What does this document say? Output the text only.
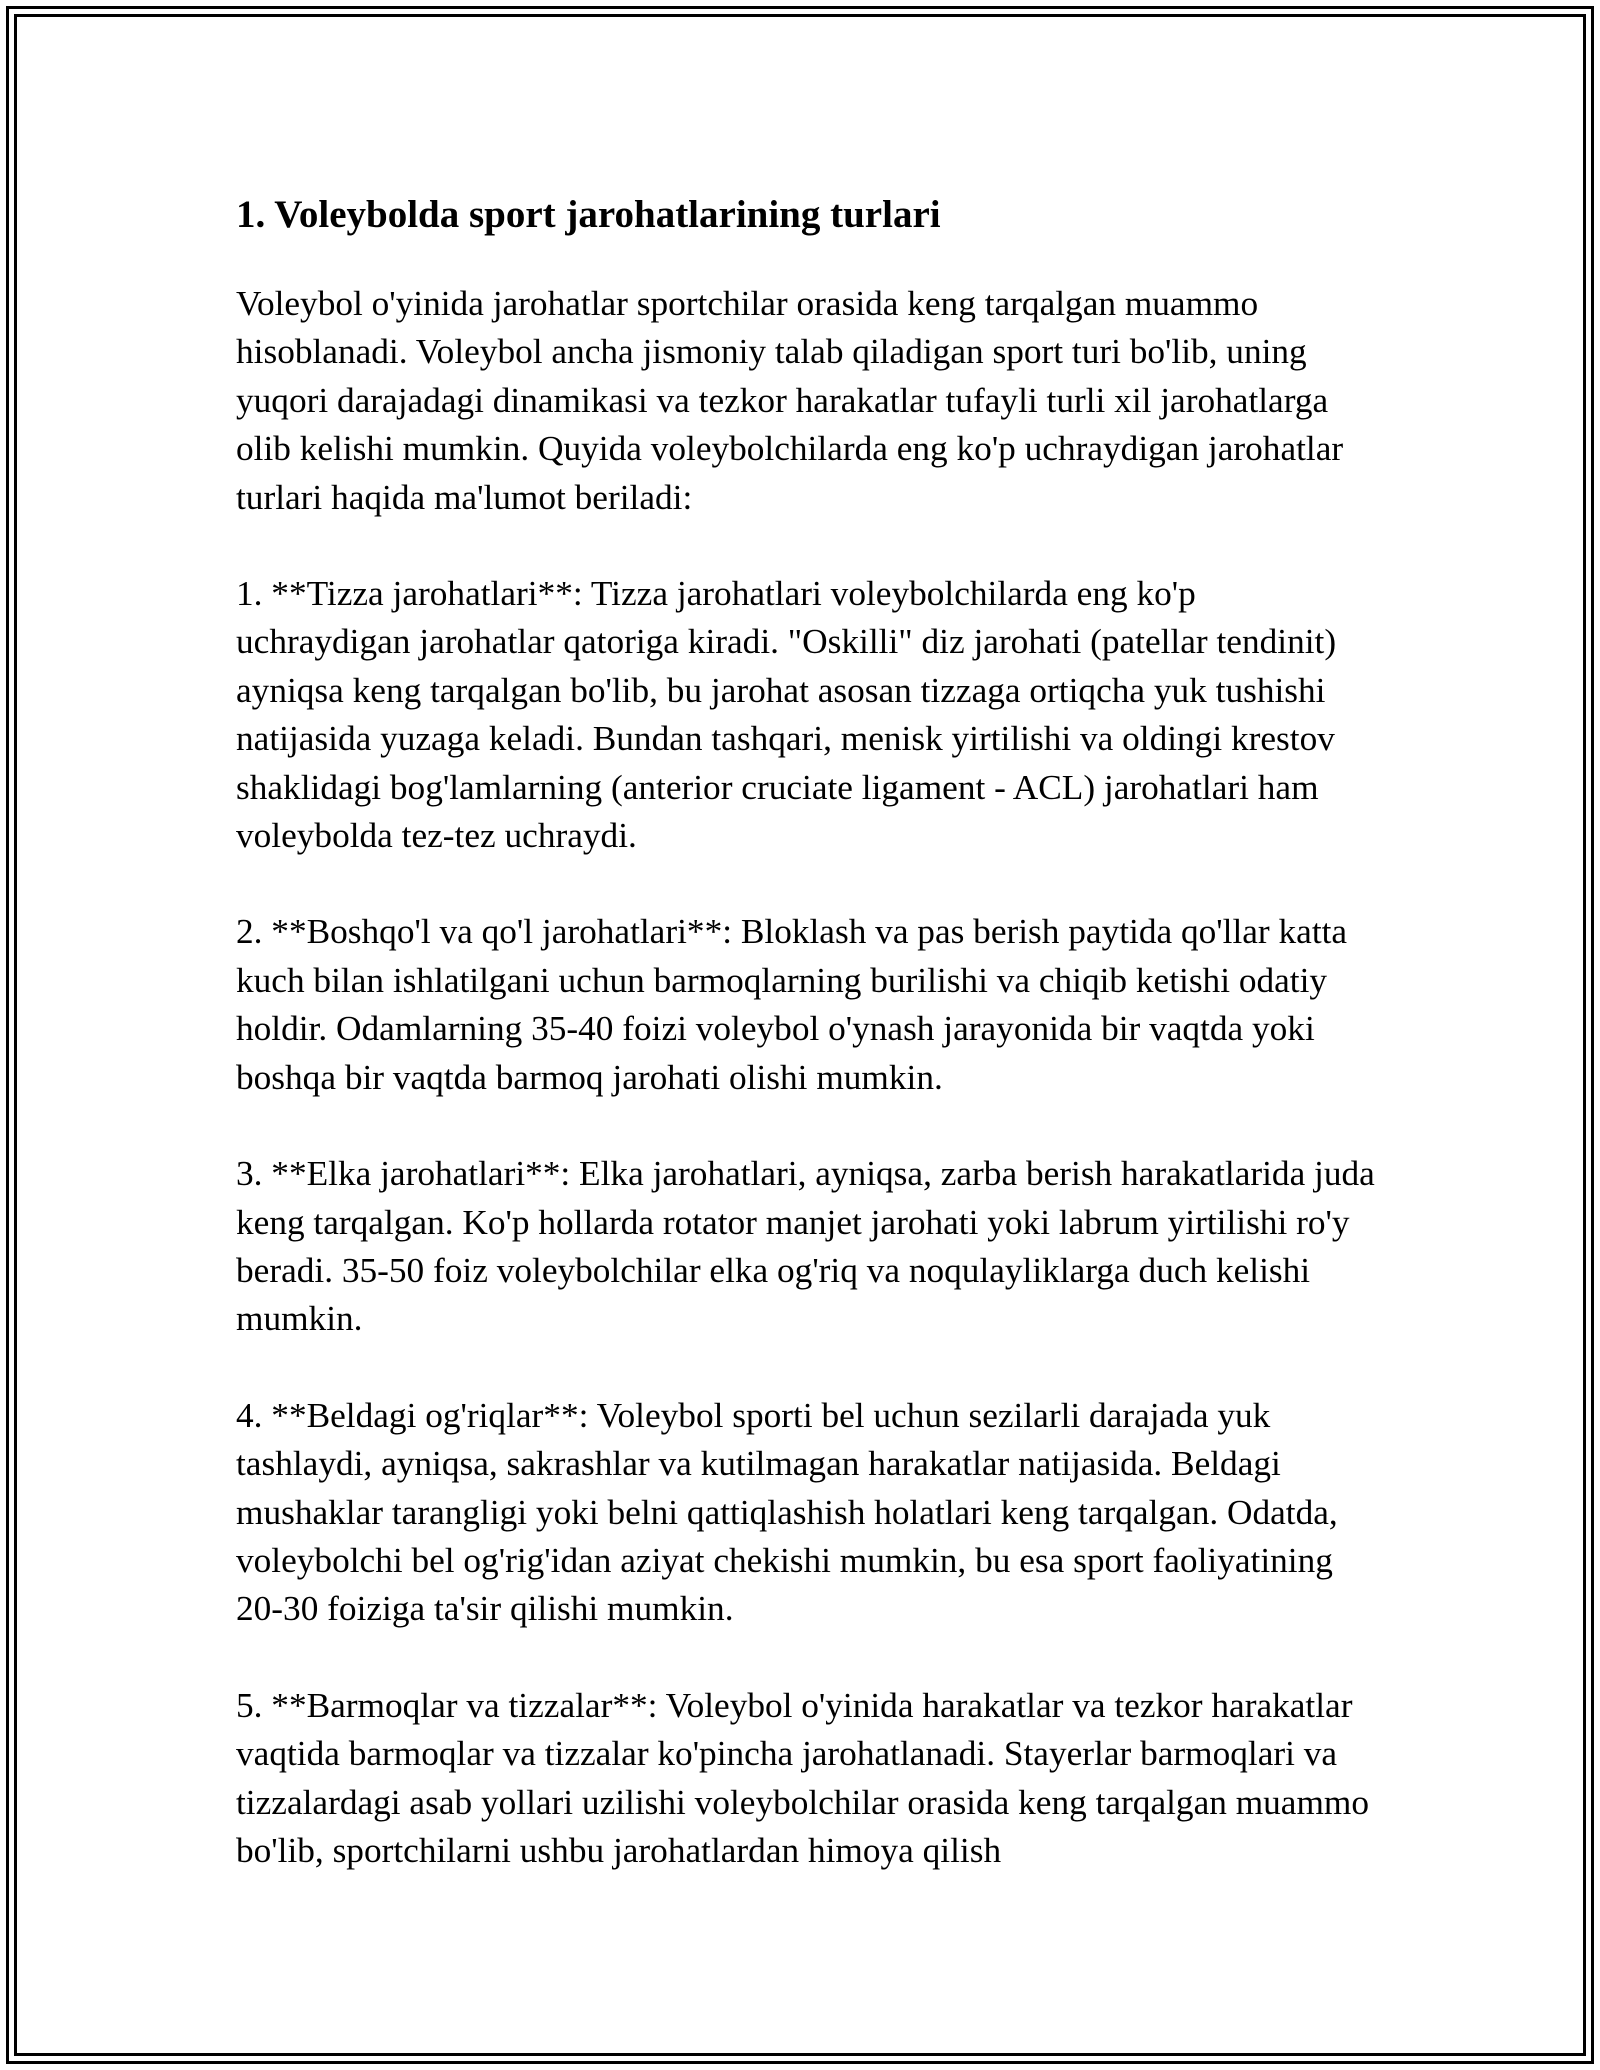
1. Voleybolda sport jarohatlarining turlari

Voleybol o'yinida jarohatlar sportchilar orasida keng tarqalgan muammo hisoblanadi. Voleybol ancha jismoniy talab qiladigan sport turi bo'lib, uning yuqori darajadagi dinamikasi va tezkor harakatlar tufayli turli xil jarohatlarga olib kelishi mumkin. Quyida voleybolchilarda eng ko'p uchraydigan jarohatlar turlari haqida ma'lumot beriladi:

1. **Tizza jarohatlari**: Tizza jarohatlari voleybolchilarda eng ko'p uchraydigan jarohatlar qatoriga kiradi. "Oskilli" diz jarohati (patellar tendinit) ayniqsa keng tarqalgan bo'lib, bu jarohat asosan tizzaga ortiqcha yuk tushishi natijasida yuzaga keladi. Bundan tashqari, menisk yirtilishi va oldingi krestov shaklidagi bog'lamlarning (anterior cruciate ligament - ACL) jarohatlari ham voleybolda tez-tez uchraydi.

2. **Boshqo'l va qo'l jarohatlari**: Bloklash va pas berish paytida qo'llar katta kuch bilan ishlatilgani uchun barmoqlarning burilishi va chiqib ketishi odatiy holdir. Odamlarning 35-40 foizi voleybol o'ynash jarayonida bir vaqtda yoki boshqa bir vaqtda barmoq jarohati olishi mumkin.

3. **Elka jarohatlari**: Elka jarohatlari, ayniqsa, zarba berish harakatlarida juda keng tarqalgan. Ko'p hollarda rotator manjet jarohati yoki labrum yirtilishi ro'y beradi. 35-50 foiz voleybolchilar elka og'riq va noqulayliklarga duch kelishi mumkin.

4. **Beldagi og'riqlar**: Voleybol sporti bel uchun sezilarli darajada yuk tashlaydi, ayniqsa, sakrashlar va kutilmagan harakatlar natijasida. Beldagi mushaklar tarangligi yoki belni qattiqlashish holatlari keng tarqalgan. Odatda, voleybolchi bel og'rig'idan aziyat chekishi mumkin, bu esa sport faoliyatining 20-30 foiziga ta'sir qilishi mumkin.

5. **Barmoqlar va tizzalar**: Voleybol o'yinida harakatlar va tezkor harakatlar vaqtida barmoqlar va tizzalar ko'pincha jarohatlanadi. Stayerlar barmoqlari va tizzalardagi asab yollari uzilishi voleybolchilar orasida keng tarqalgan muammo bo'lib, sportchilarni ushbu jarohatlardan himoya qilish
